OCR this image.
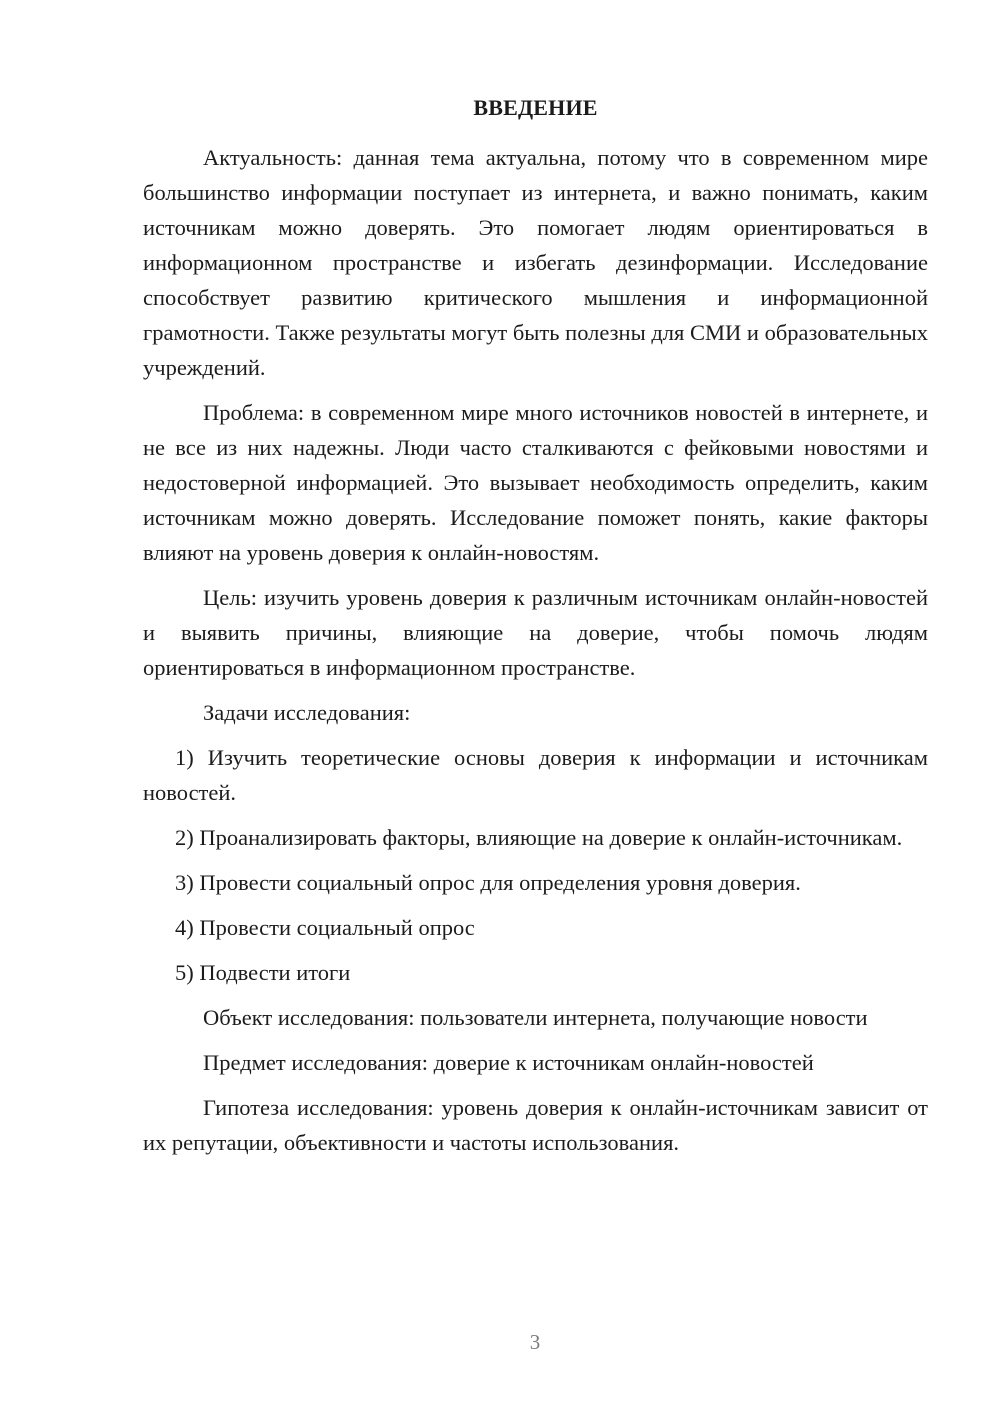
ВВЕДЕНИЕ

Актуальность: данная тема актуальна, потому что в современном мире большинство информации поступает из интернета, и важно понимать, каким источникам можно доверять. Это помогает людям ориентироваться в информационном пространстве и избегать дезинформации. Исследование способствует развитию критического мышления и информационной грамотности. Также результаты могут быть полезны для СМИ и образовательных учреждений.

Проблема: в современном мире много источников новостей в интернете, и не все из них надежны. Люди часто сталкиваются с фейковыми новостями и недостоверной информацией. Это вызывает необходимость определить, каким источникам можно доверять. Исследование поможет понять, какие факторы влияют на уровень доверия к онлайн-новостям.

Цель: изучить уровень доверия к различным источникам онлайн-новостей и выявить причины, влияющие на доверие, чтобы помочь людям ориентироваться в информационном пространстве.

Задачи исследования:

1) Изучить теоретические основы доверия к информации и источникам новостей.

2) Проанализировать факторы, влияющие на доверие к онлайн-источникам.

3) Провести социальный опрос для определения уровня доверия.

4) Провести социальный опрос

5) Подвести итоги

Объект исследования: пользователи интернета, получающие новости

Предмет исследования: доверие к источникам онлайн-новостей

Гипотеза исследования: уровень доверия к онлайн-источникам зависит от их репутации, объективности и частоты использования.

3
